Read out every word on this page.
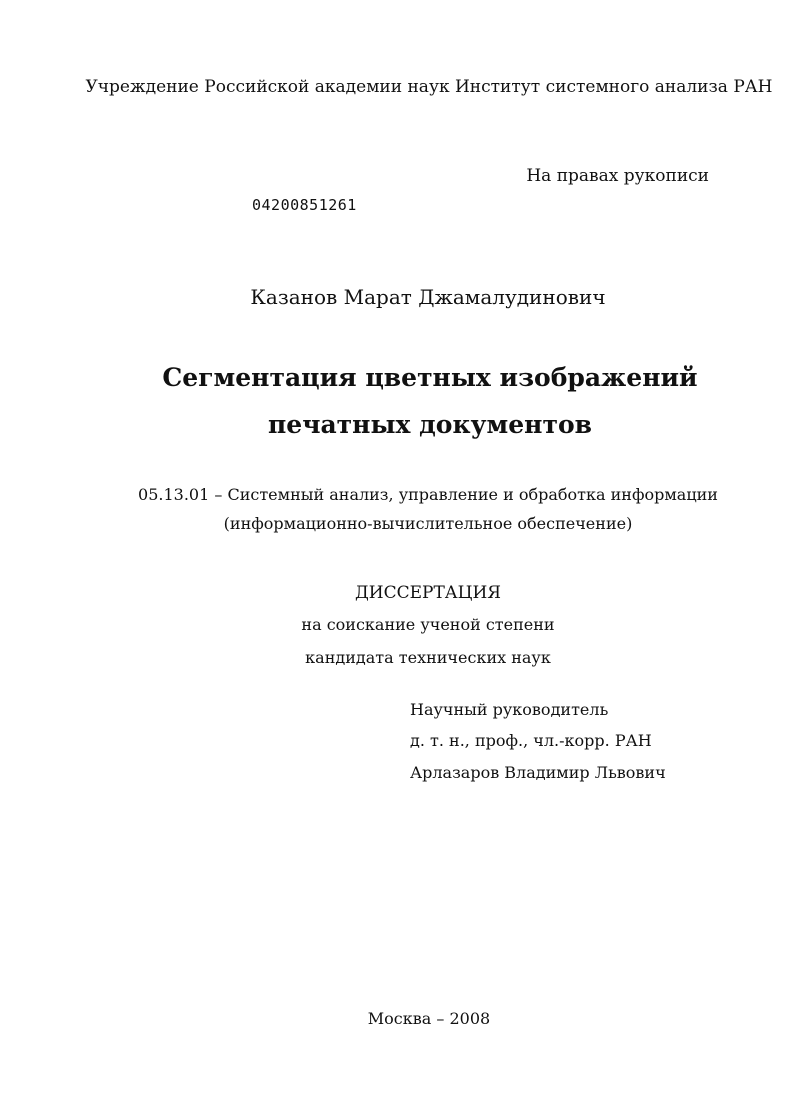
Учреждение Российской академии наук Институт системного анализа РАН
На правах рукописи
04200851261
Казанов Марат Джамалудинович
Сегментация цветных изображений
печатных документов
05.13.01 – Системный анализ, управление и обработка информации
(информационно-вычислительное обеспечение)
ДИССЕРТАЦИЯ
на соискание ученой степени
кандидата технических наук
Научный руководитель
д. т. н., проф., чл.-корр. РАН
Арлазаров Владимир Львович
Москва – 2008
